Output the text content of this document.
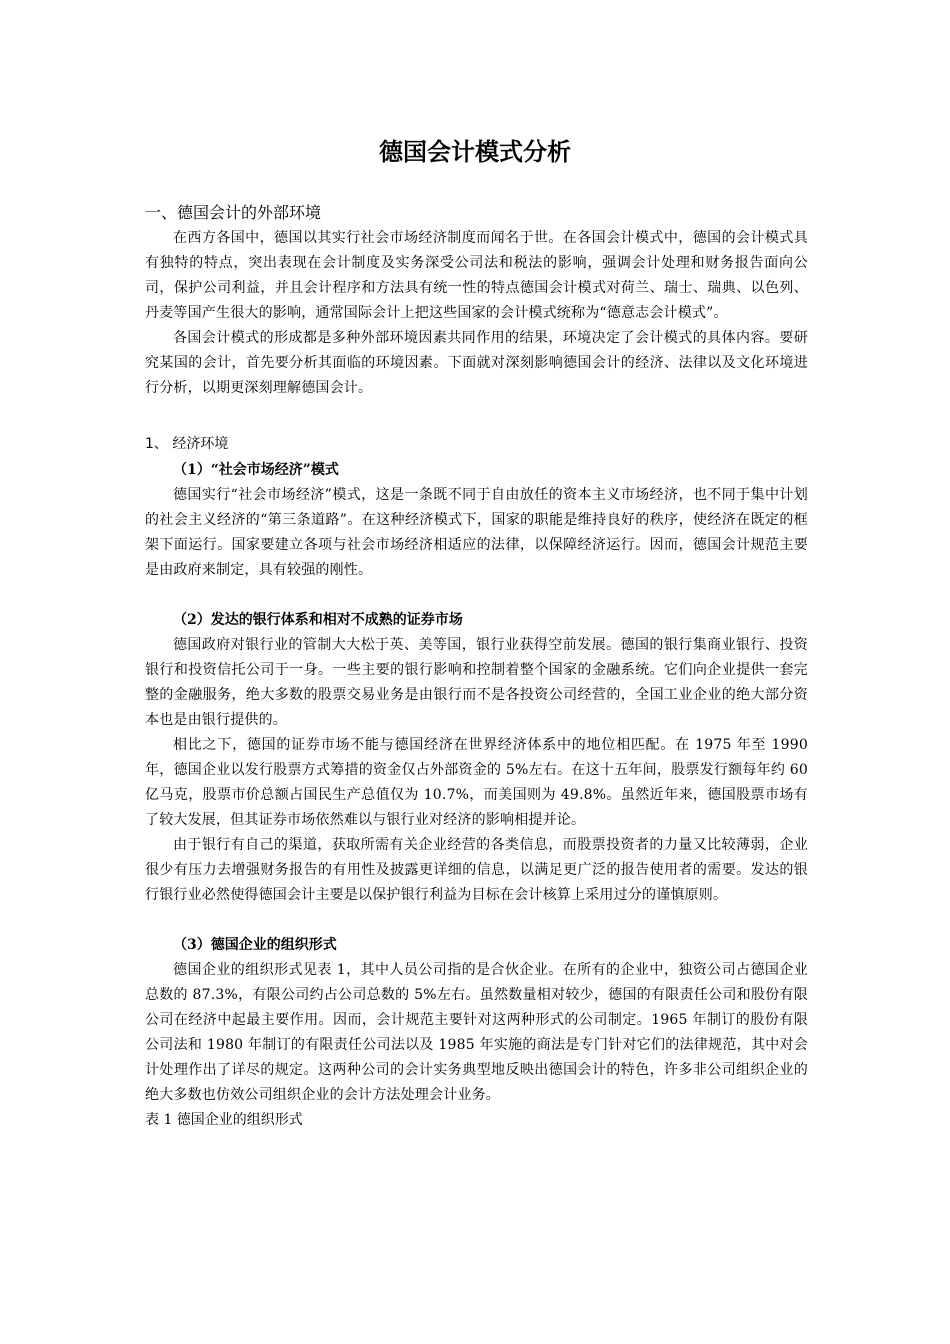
德国会计模式分析
一、德国会计的外部环境

在西方各国中，德国以其实行社会市场经济制度而闻名于世。在各国会计模式中，德国的会计模式具有独特的特点，突出表现在会计制度及实务深受公司法和税法的影响，强调会计处理和财务报告面向公司，保护公司利益，并且会计程序和方法具有统一性的特点德国会计模式对荷兰、瑞士、瑞典、以色列、丹麦等国产生很大的影响，通常国际会计上把这些国家的会计模式统称为“德意志会计模式”。

各国会计模式的形成都是多种外部环境因素共同作用的结果，环境决定了会计模式的具体内容。要研究某国的会计，首先要分析其面临的环境因素。下面就对深刻影响德国会计的经济、法律以及文化环境进行分析，以期更深刻理解德国会计。

1、 经济环境
（1）“社会市场经济”模式

德国实行“社会市场经济”模式，这是一条既不同于自由放任的资本主义市场经济，也不同于集中计划的社会主义经济的“第三条道路”。在这种经济模式下，国家的职能是维持良好的秩序，使经济在既定的框架下面运行。国家要建立各项与社会市场经济相适应的法律，以保障经济运行。因而，德国会计规范主要是由政府来制定，具有较强的刚性。

（2）发达的银行体系和相对不成熟的证券市场

德国政府对银行业的管制大大松于英、美等国，银行业获得空前发展。德国的银行集商业银行、投资银行和投资信托公司于一身。一些主要的银行影响和控制着整个国家的金融系统。它们向企业提供一套完整的金融服务，绝大多数的股票交易业务是由银行而不是各投资公司经营的，全国工业企业的绝大部分资本也是由银行提供的。

相比之下，德国的证券市场不能与德国经济在世界经济体系中的地位相匹配。在 1975 年至 1990 年，德国企业以发行股票方式筹措的资金仅占外部资金的 5%左右。在这十五年间，股票发行额每年约 60 亿马克，股票市价总额占国民生产总值仅为 10.7%，而美国则为 49.8%。虽然近年来，德国股票市场有了较大发展，但其证券市场依然难以与银行业对经济的影响相提并论。

由于银行有自己的渠道，获取所需有关企业经营的各类信息，而股票投资者的力量又比较薄弱，企业很少有压力去增强财务报告的有用性及披露更详细的信息，以满足更广泛的报告使用者的需要。发达的银行银行业必然使得德国会计主要是以保护银行利益为目标在会计核算上采用过分的谨慎原则。

（3）德国企业的组织形式

德国企业的组织形式见表 1，其中人员公司指的是合伙企业。在所有的企业中，独资公司占德国企业总数的 87.3%，有限公司约占公司总数的 5%左右。虽然数量相对较少，德国的有限责任公司和股份有限公司在经济中起最主要作用。因而，会计规范主要针对这两种形式的公司制定。1965 年制订的股份有限公司法和 1980 年制订的有限责任公司法以及 1985 年实施的商法是专门针对它们的法律规范，其中对会计处理作出了详尽的规定。这两种公司的会计实务典型地反映出德国会计的特色，许多非公司组织企业的绝大多数也仿效公司组织企业的会计方法处理会计业务。

表 1 德国企业的组织形式
